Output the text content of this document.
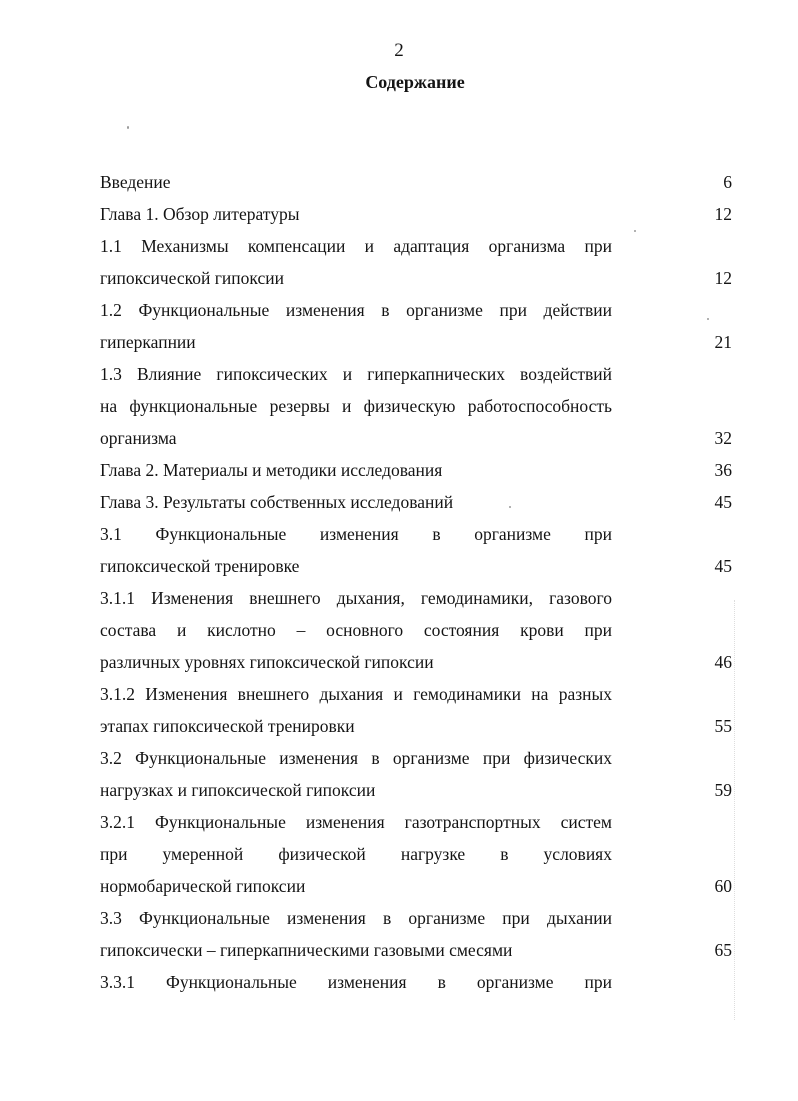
2
Содержание
Введение	6
Глава 1. Обзор литературы	12
1.1 Механизмы компенсации и адаптация организма при
гипоксической гипоксии	12
1.2 Функциональные изменения в организме при действии
гиперкапнии	21
1.3 Влияние гипоксических и гиперкапнических воздействий
на функциональные резервы и физическую работоспособность
организма	32
Глава 2. Материалы и методики исследования	36
Глава 3. Результаты собственных исследований	45
3.1 Функциональные изменения в организме при
гипоксической тренировке	45
3.1.1 Изменения внешнего дыхания, гемодинамики, газового
состава и кислотно – основного состояния крови при
различных уровнях гипоксической гипоксии	46
3.1.2 Изменения внешнего дыхания и гемодинамики на разных
этапах гипоксической тренировки	55
3.2 Функциональные изменения в организме при физических
нагрузках и гипоксической гипоксии	59
3.2.1 Функциональные изменения газотранспортных систем
при умеренной физической нагрузке в условиях
нормобарической гипоксии	60
3.3 Функциональные изменения в организме при дыхании
гипоксически – гиперкапническими газовыми смесями	65
3.3.1 Функциональные изменения в организме при
